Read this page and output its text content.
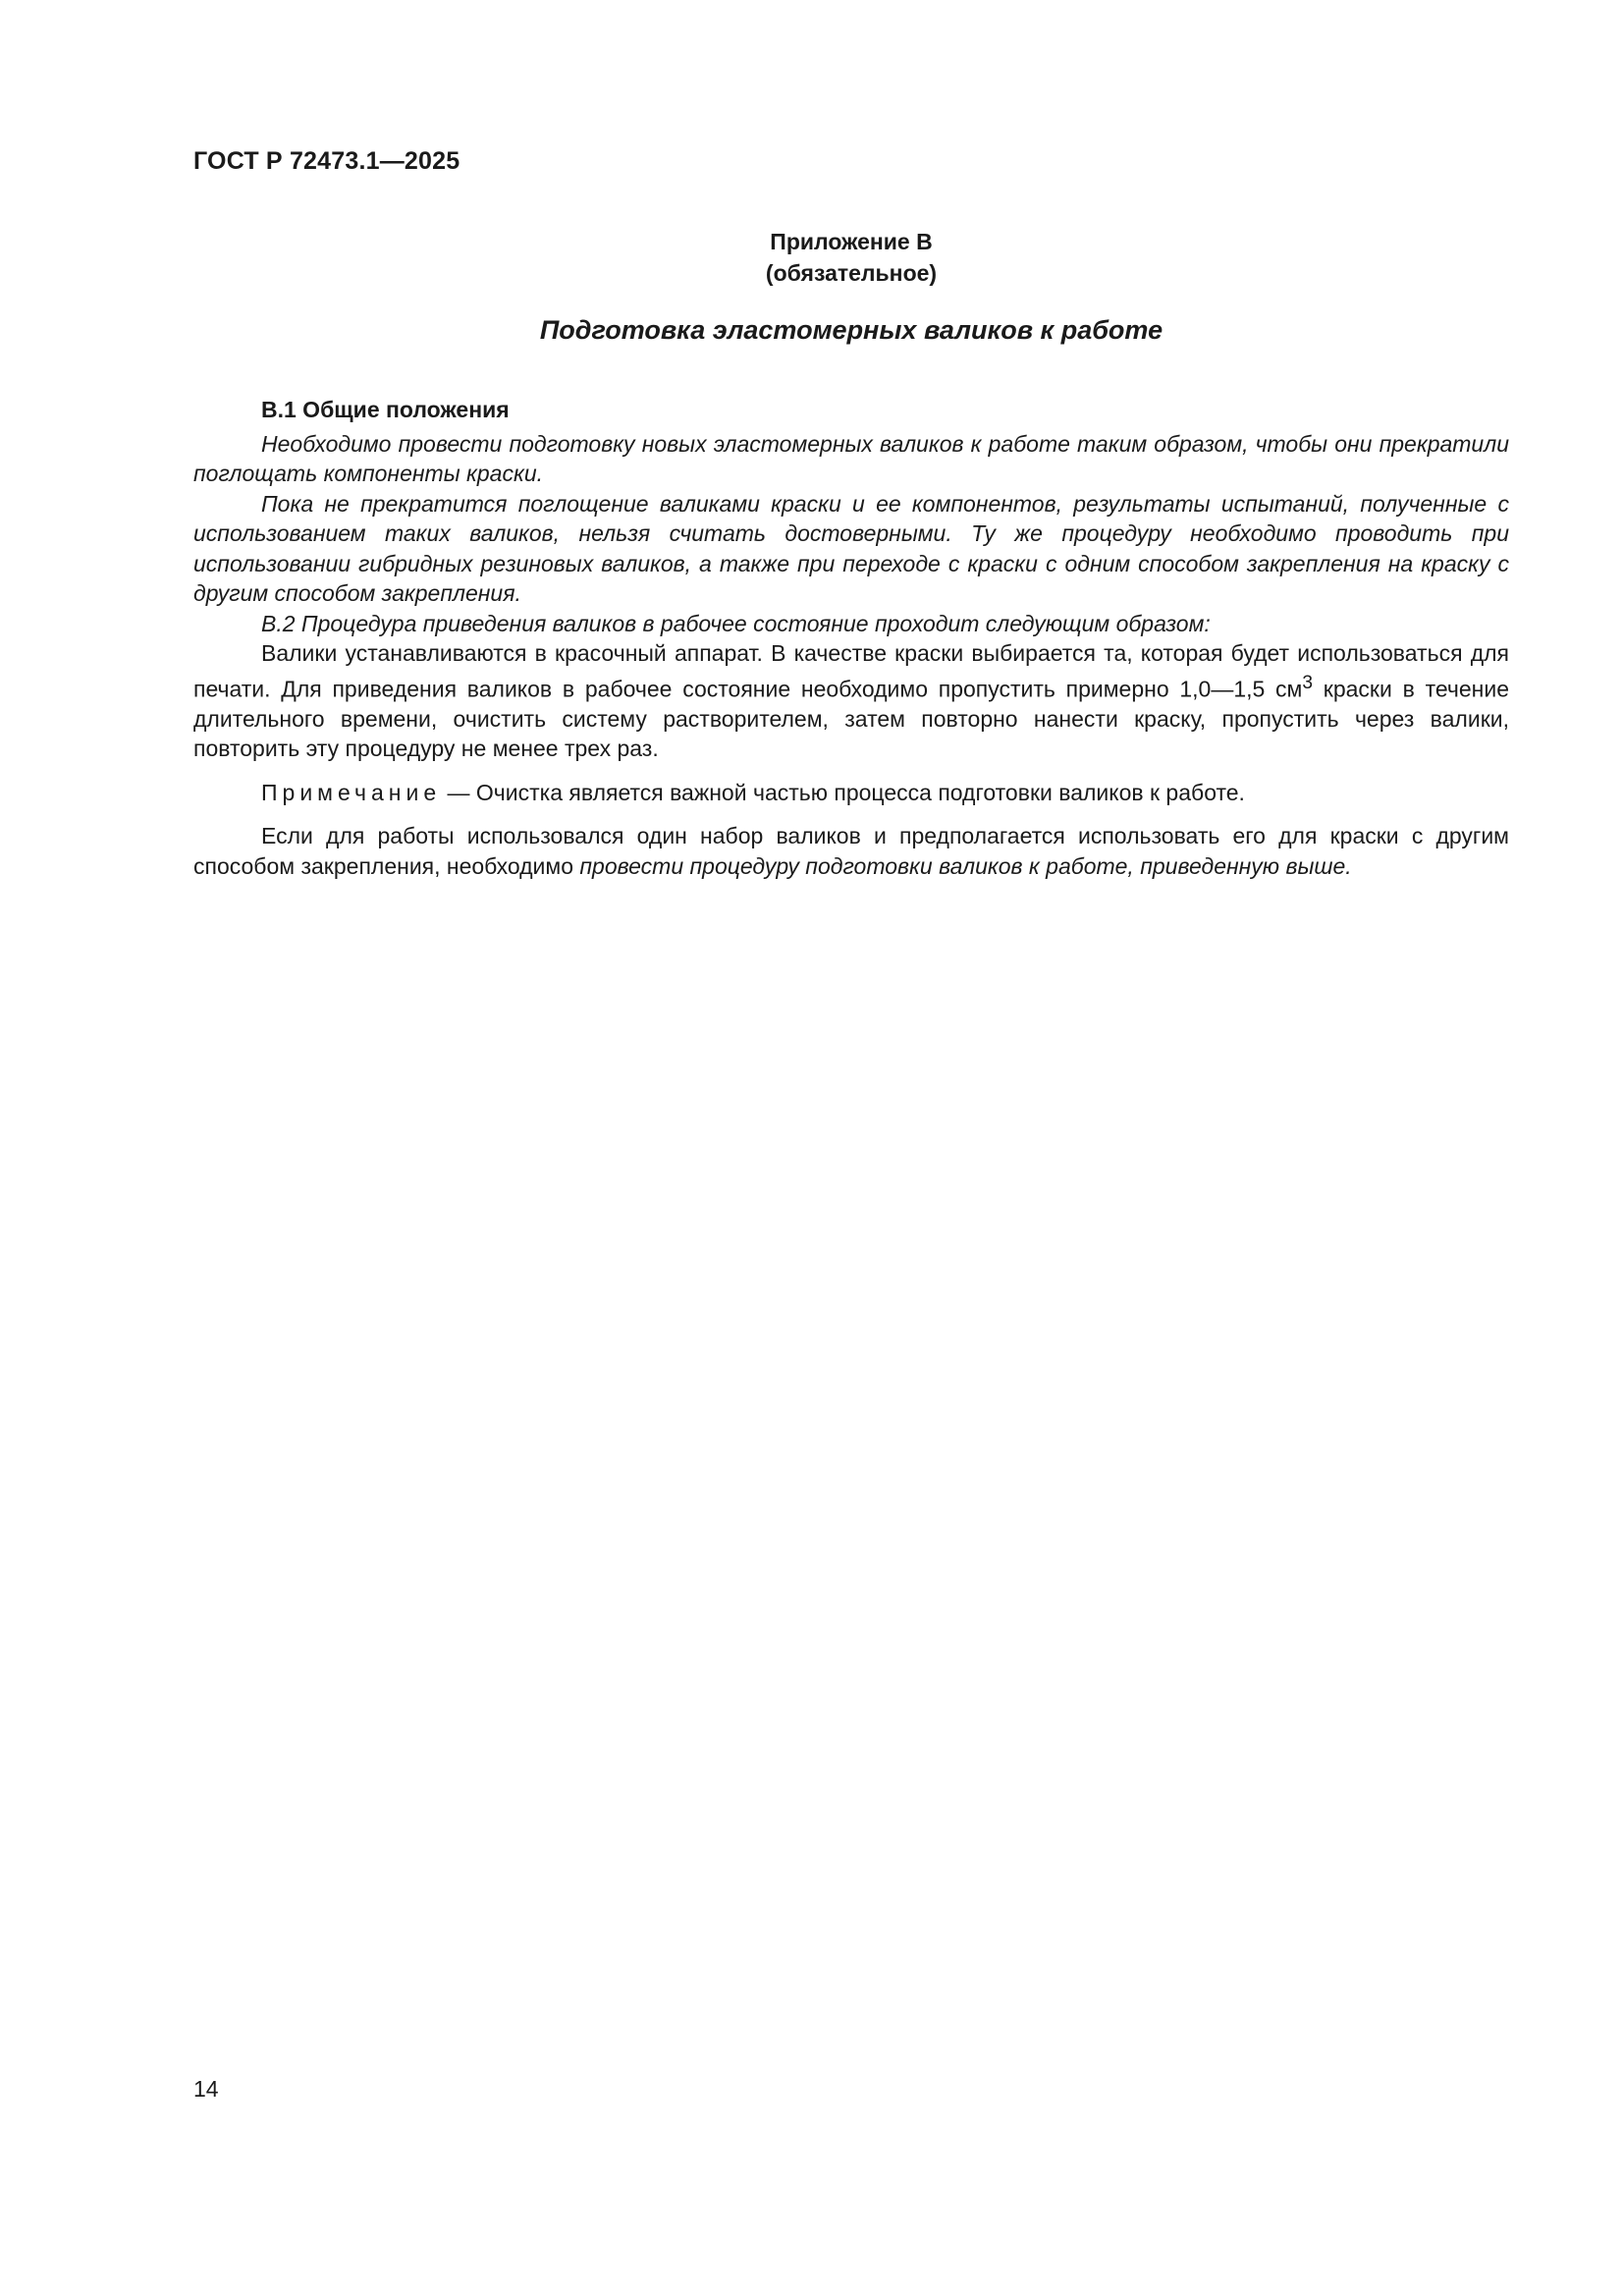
ГОСТ Р 72473.1—2025
Приложение В
(обязательное)
Подготовка эластомерных валиков к работе

В.1 Общие положения

Необходимо провести подготовку новых эластомерных валиков к работе таким образом, чтобы они прекратили поглощать компоненты краски.

Пока не прекратится поглощение валиками краски и ее компонентов, результаты испытаний, полученные с использованием таких валиков, нельзя считать достоверными. Ту же процедуру необходимо проводить при использовании гибридных резиновых валиков, а также при переходе с краски с одним способом закрепления на краску с другим способом закрепления.

В.2 Процедура приведения валиков в рабочее состояние проходит следующим образом:

Валики устанавливаются в красочный аппарат. В качестве краски выбирается та, которая будет использоваться для печати. Для приведения валиков в рабочее состояние необходимо пропустить примерно 1,0—1,5 $см^3$ краски в течение длительного времени, очистить систему растворителем, затем повторно нанести краску, пропустить через валики, повторить эту процедуру не менее трех раз.

Примечание — Очистка является важной частью процесса подготовки валиков к работе.

Если для работы использовался один набор валиков и предполагается использовать его для краски с другим способом закрепления, необходимо провести процедуру подготовки валиков к работе, приведенную выше.

14
